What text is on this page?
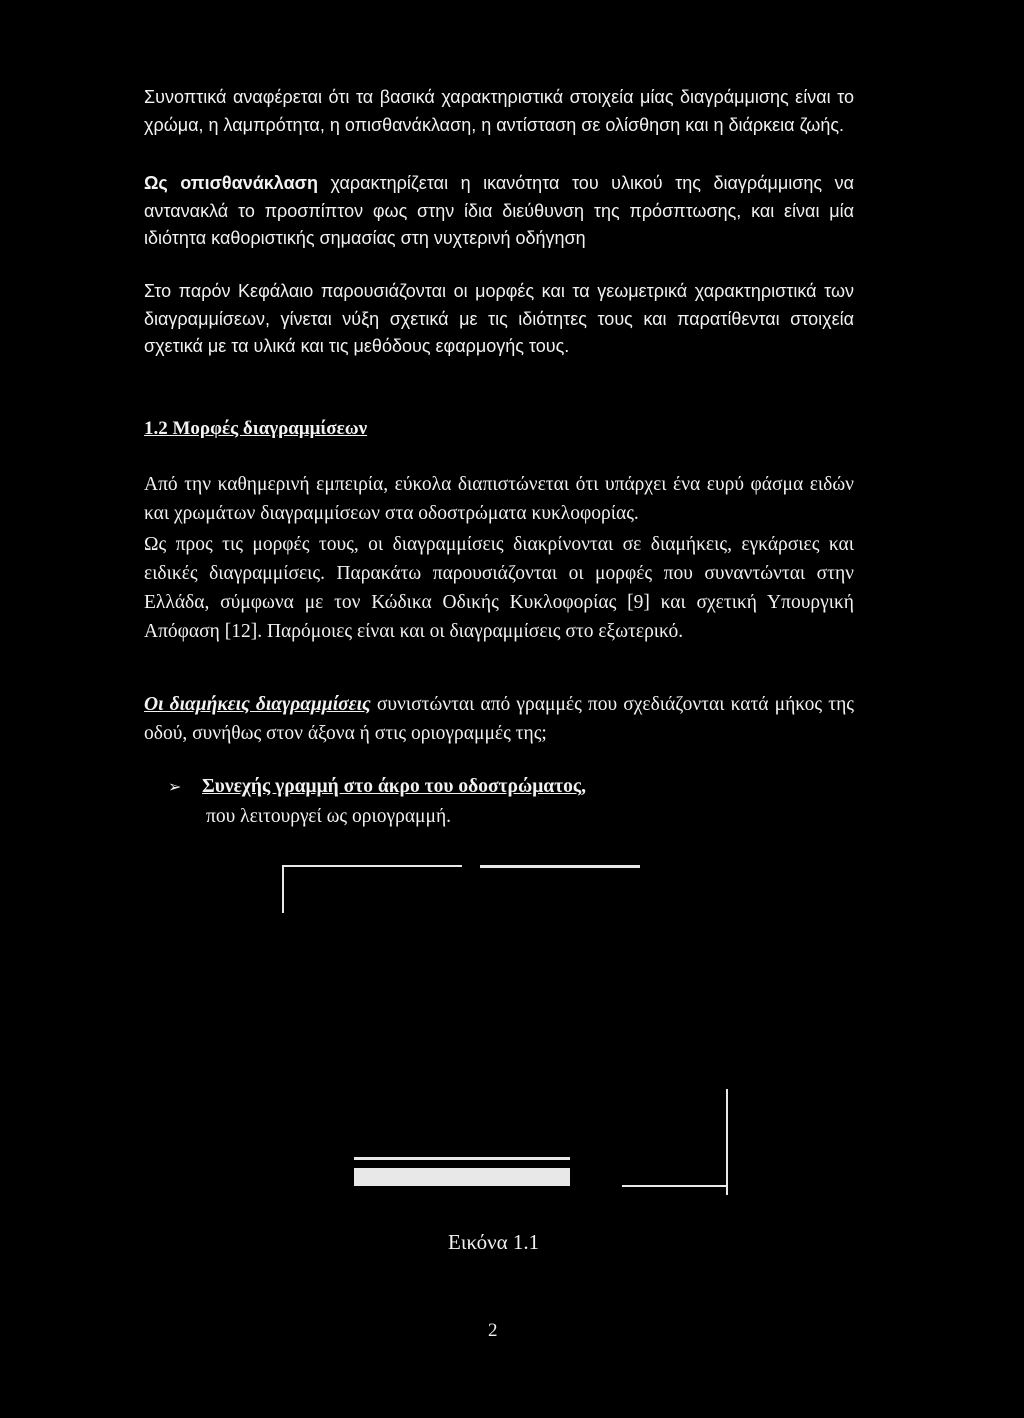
Συνοπτικά αναφέρεται ότι τα βασικά χαρακτηριστικά στοιχεία μίας διαγράμμισης είναι το χρώμα, η λαμπρότητα, η οπισθανάκλαση, η αντίσταση σε ολίσθηση και η διάρκεια ζωής.

Ως οπισθανάκλαση χαρακτηρίζεται η ικανότητα του υλικού της διαγράμμισης να αντανακλά το προσπίπτον φως στην ίδια διεύθυνση της πρόσπτωσης, και είναι μία ιδιότητα καθοριστικής σημασίας στη νυχτερινή οδήγηση

Στο παρόν Κεφάλαιο παρουσιάζονται οι μορφές και τα γεωμετρικά χαρακτηριστικά των διαγραμμίσεων, γίνεται νύξη σχετικά με τις ιδιότητες τους και παρατίθενται στοιχεία σχετικά με τα υλικά και τις μεθόδους εφαρμογής τους.

1.2 Μορφές διαγραμμίσεων

Από την καθημερινή εμπειρία, εύκολα διαπιστώνεται ότι υπάρχει ένα ευρύ φάσμα ειδών και χρωμάτων διαγραμμίσεων στα οδοστρώματα κυκλοφορίας.

Ως προς τις μορφές τους, οι διαγραμμίσεις διακρίνονται σε διαμήκεις, εγκάρσιες και ειδικές διαγραμμίσεις. Παρακάτω παρουσιάζονται οι μορφές που συναντώνται στην Ελλάδα, σύμφωνα με τον Κώδικα Οδικής Κυκλοφορίας [9] και σχετική Υπουργική Απόφαση [12]. Παρόμοιες είναι και οι διαγραμμίσεις στο εξωτερικό.

Οι διαμήκεις διαγραμμίσεις συνιστώνται από γραμμές που σχεδιάζονται κατά μήκος της οδού, συνήθως στον άξονα ή στις οριογραμμές της;

➢ Συνεχής γραμμή στο άκρο του οδοστρώματος,

που λειτουργεί ως οριογραμμή.

Εικόνα 1.1

2
